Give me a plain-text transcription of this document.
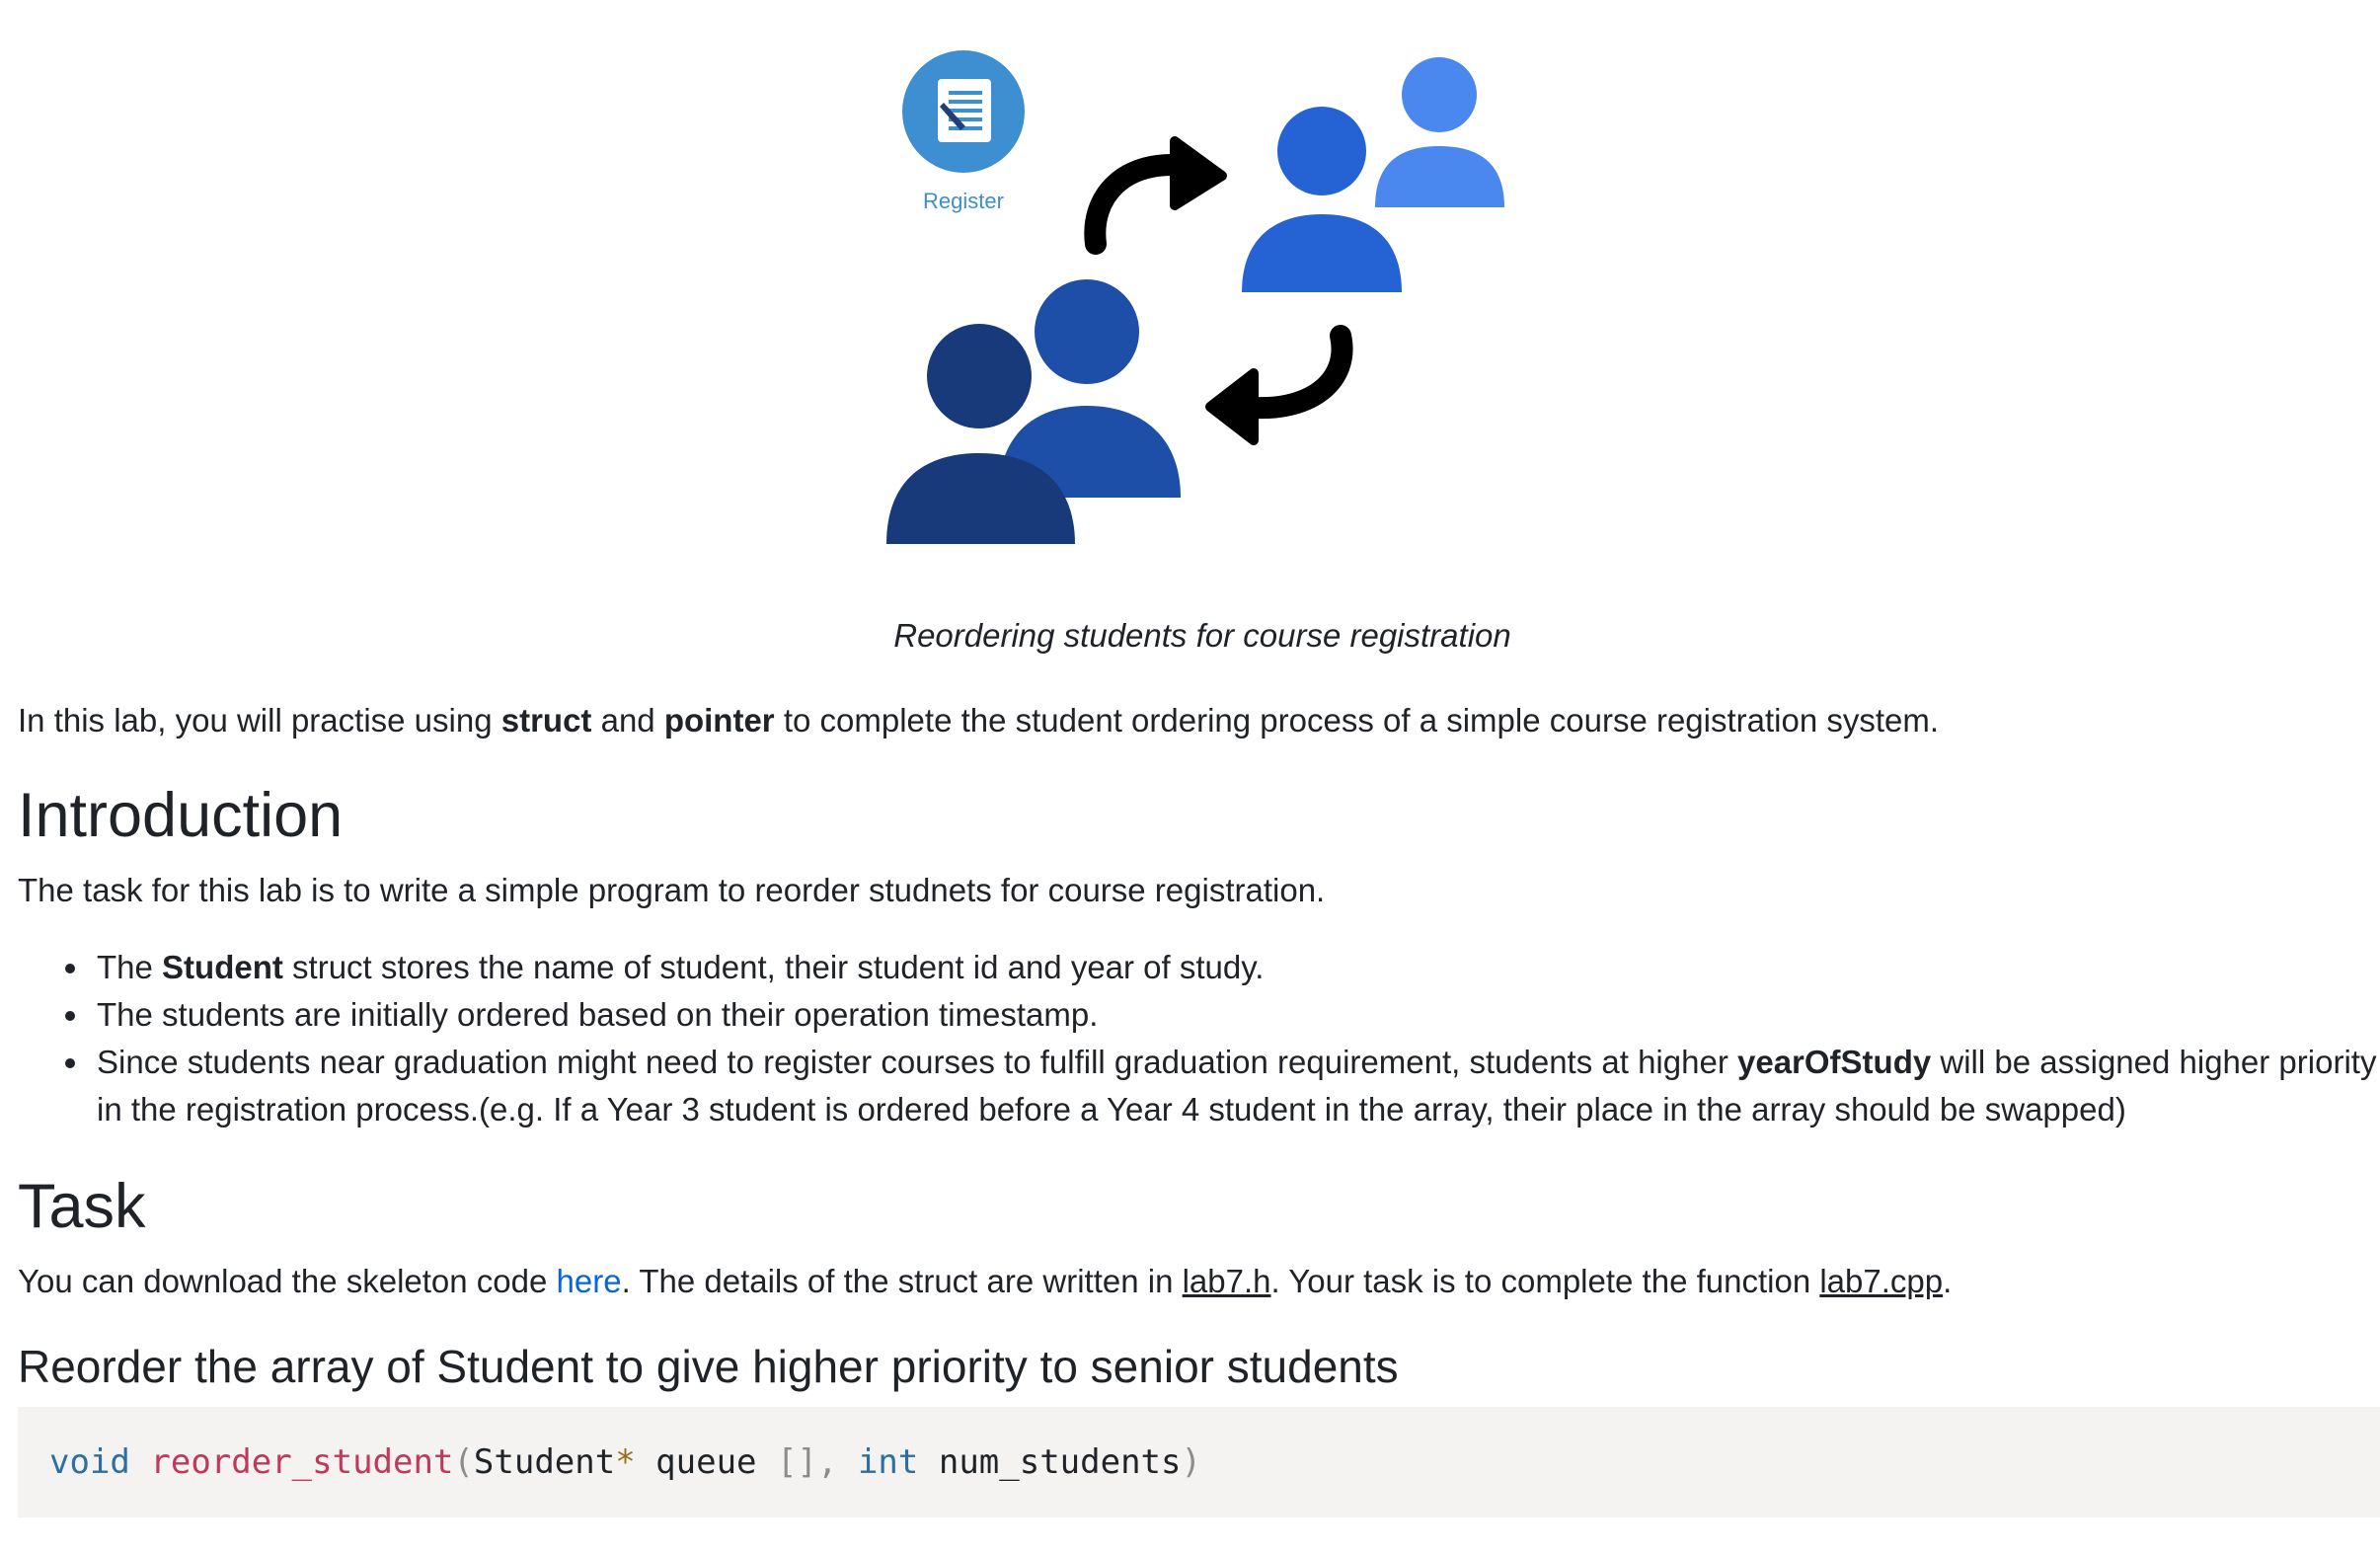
Register
Reordering students for course registration

In this lab, you will practise using struct and pointer to complete the student ordering process of a simple course registration system.

Introduction

The task for this lab is to write a simple program to reorder studnets for course registration.

The Student struct stores the name of student, their student id and year of study.
The students are initially ordered based on their operation timestamp.
Since students near graduation might need to register courses to fulfill graduation requirement, students at higher yearOfStudy will be assigned higher priority in the registration process.(e.g. If a Year 3 student is ordered before a Year 4 student in the array, their place in the array should be swapped)
Task

You can download the skeleton code here. The details of the struct are written in lab7.h. Your task is to complete the function lab7.cpp.

Reorder the array of Student to give higher priority to senior students
void reorder_student(Student* queue [], int num_students)
